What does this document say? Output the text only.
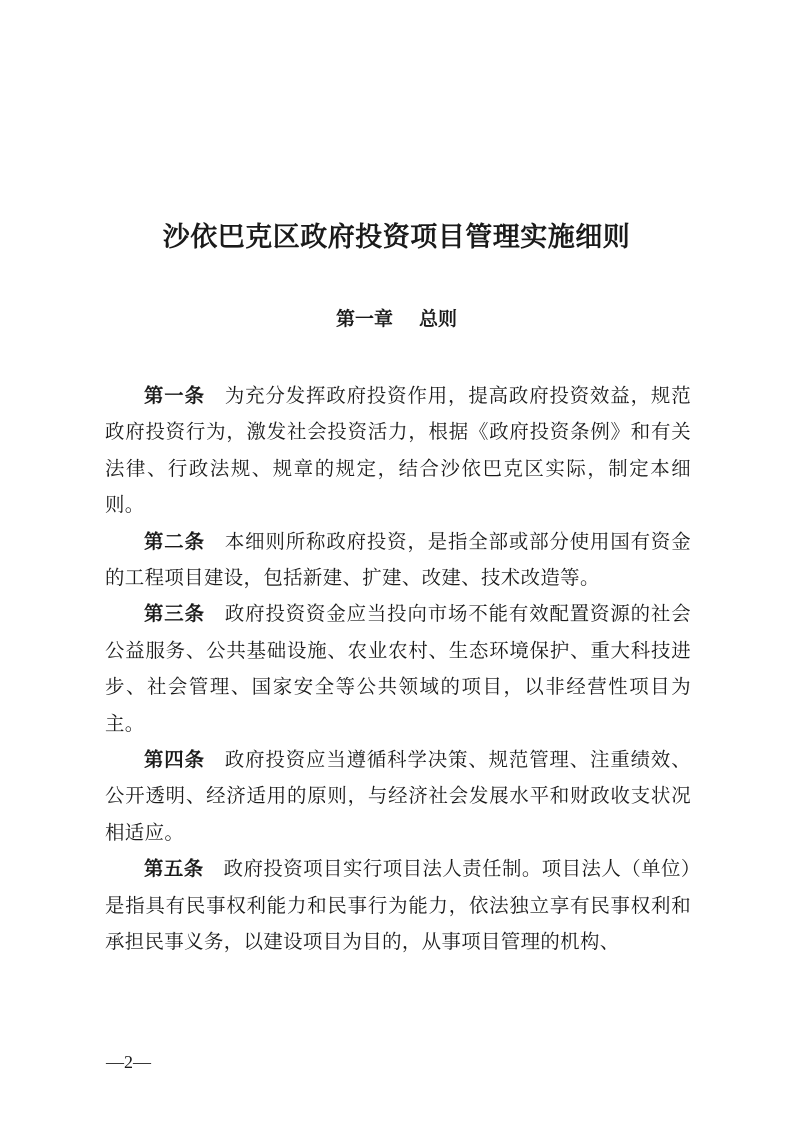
沙依巴克区政府投资项目管理实施细则
第一章 总则

第一条 为充分发挥政府投资作用，提高政府投资效益，规范政府投资行为，激发社会投资活力，根据《政府投资条例》和有关法律、行政法规、规章的规定，结合沙依巴克区实际，制定本细则。

第二条 本细则所称政府投资，是指全部或部分使用国有资金的工程项目建设，包括新建、扩建、改建、技术改造等。

第三条 政府投资资金应当投向市场不能有效配置资源的社会公益服务、公共基础设施、农业农村、生态环境保护、重大科技进步、社会管理、国家安全等公共领域的项目，以非经营性项目为主。

第四条 政府投资应当遵循科学决策、规范管理、注重绩效、公开透明、经济适用的原则，与经济社会发展水平和财政收支状况相适应。

第五条 政府投资项目实行项目法人责任制。项目法人（单位）是指具有民事权利能力和民事行为能力，依法独立享有民事权利和承担民事义务，以建设项目为目的，从事项目管理的机构、

—2—
